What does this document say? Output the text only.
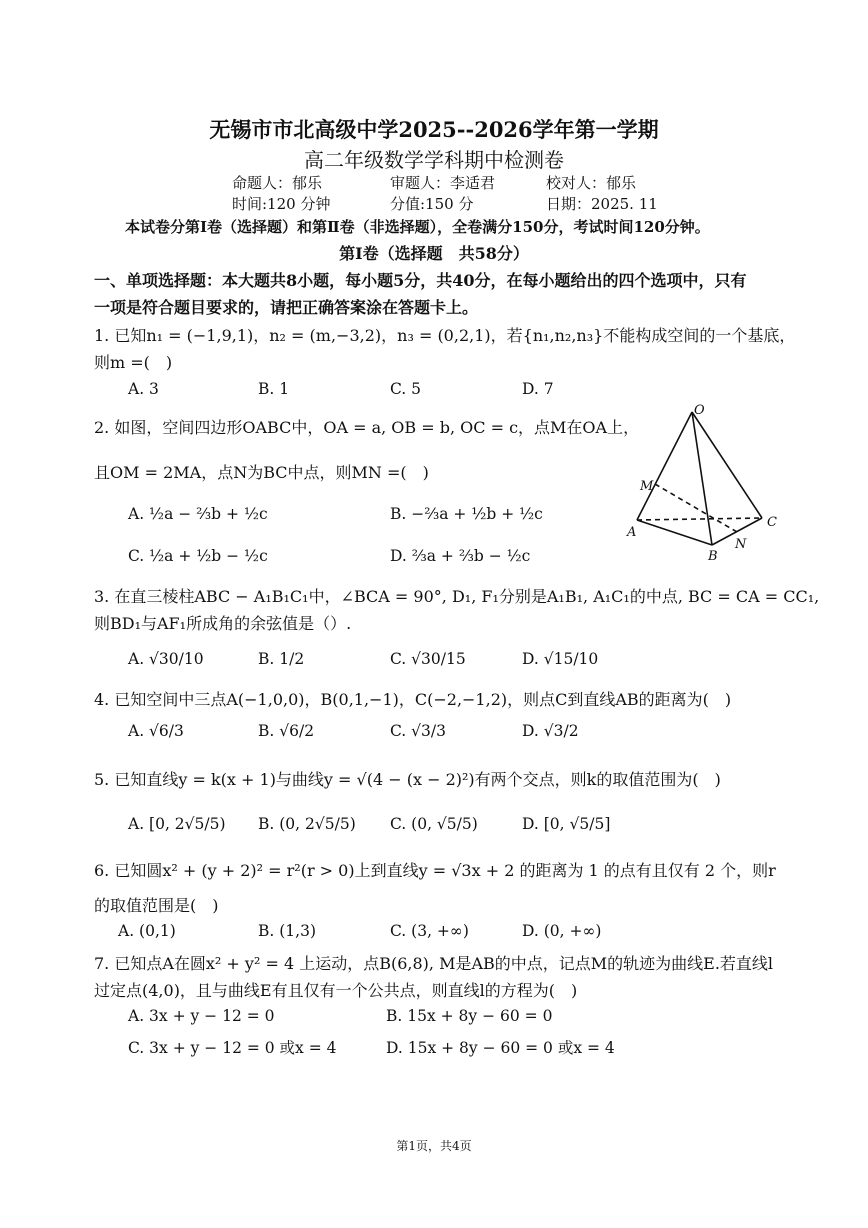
无锡市市北高级中学2025--2026学年第一学期
高二年级数学学科期中检测卷
命题人：郁乐	审题人：李适君	校对人：郁乐
时间:120 分钟	分值:150 分	日期：2025. 11
本试卷分第Ⅰ卷（选择题）和第Ⅱ卷（非选择题），全卷满分150分，考试时间120分钟。
第Ⅰ卷（选择题　共58分）
一、单项选择题：本大题共8小题，每小题5分，共40分，在每小题给出的四个选项中，只有
一项是符合题目要求的，请把正确答案涂在答题卡上。
1. 已知n₁ = (−1,9,1)，n₂ = (m,−3,2)，n₃ = (0,2,1)，若{n₁,n₂,n₃}不能构成空间的一个基底，
则m =(　)
A. 3	B. 1	C. 5	D. 7
2. 如图，空间四边形OABC中，OA = a, OB = b, OC = c，点M在OA上，
且OM = 2MA，点N为BC中点，则MN =(　)
A. ½a − ⅔b + ½c	B. −⅔a + ½b + ½c
C. ½a + ½b − ½c	D. ⅔a + ⅔b − ½c
O
M
A
B
N
C
3. 在直三棱柱ABC − A₁B₁C₁中，∠BCA = 90°, D₁, F₁分别是A₁B₁, A₁C₁的中点, BC = CA = CC₁,
则BD₁与AF₁所成角的余弦值是（）.
A. √30/10	B. 1/2	C. √30/15	D. √15/10
4. 已知空间中三点A(−1,0,0)，B(0,1,−1)，C(−2,−1,2)，则点C到直线AB的距离为(　)
A. √6/3	B. √6/2	C. √3/3	D. √3/2
5. 已知直线y = k(x + 1)与曲线y = √(4 − (x − 2)²)有两个交点，则k的取值范围为(　)
A. [0, 2√5/5) B. (0, 2√5/5) C. (0, √5/5)	D. [0, √5/5]
6. 已知圆x² + (y + 2)² = r²(r > 0)上到直线y = √3x + 2 的距离为 1 的点有且仅有 2 个，则r
的取值范围是(　)
A. (0,1)	B. (1,3)	C. (3, +∞)	D. (0, +∞)
7. 已知点A在圆x² + y² = 4 上运动，点B(6,8), M是AB的中点，记点M的轨迹为曲线E.若直线l
过定点(4,0)，且与曲线E有且仅有一个公共点，则直线l的方程为(　)
A. 3x + y − 12 = 0	B. 15x + 8y − 60 = 0
C. 3x + y − 12 = 0 或x = 4	D. 15x + 8y − 60 = 0 或x = 4
第1页，共4页
